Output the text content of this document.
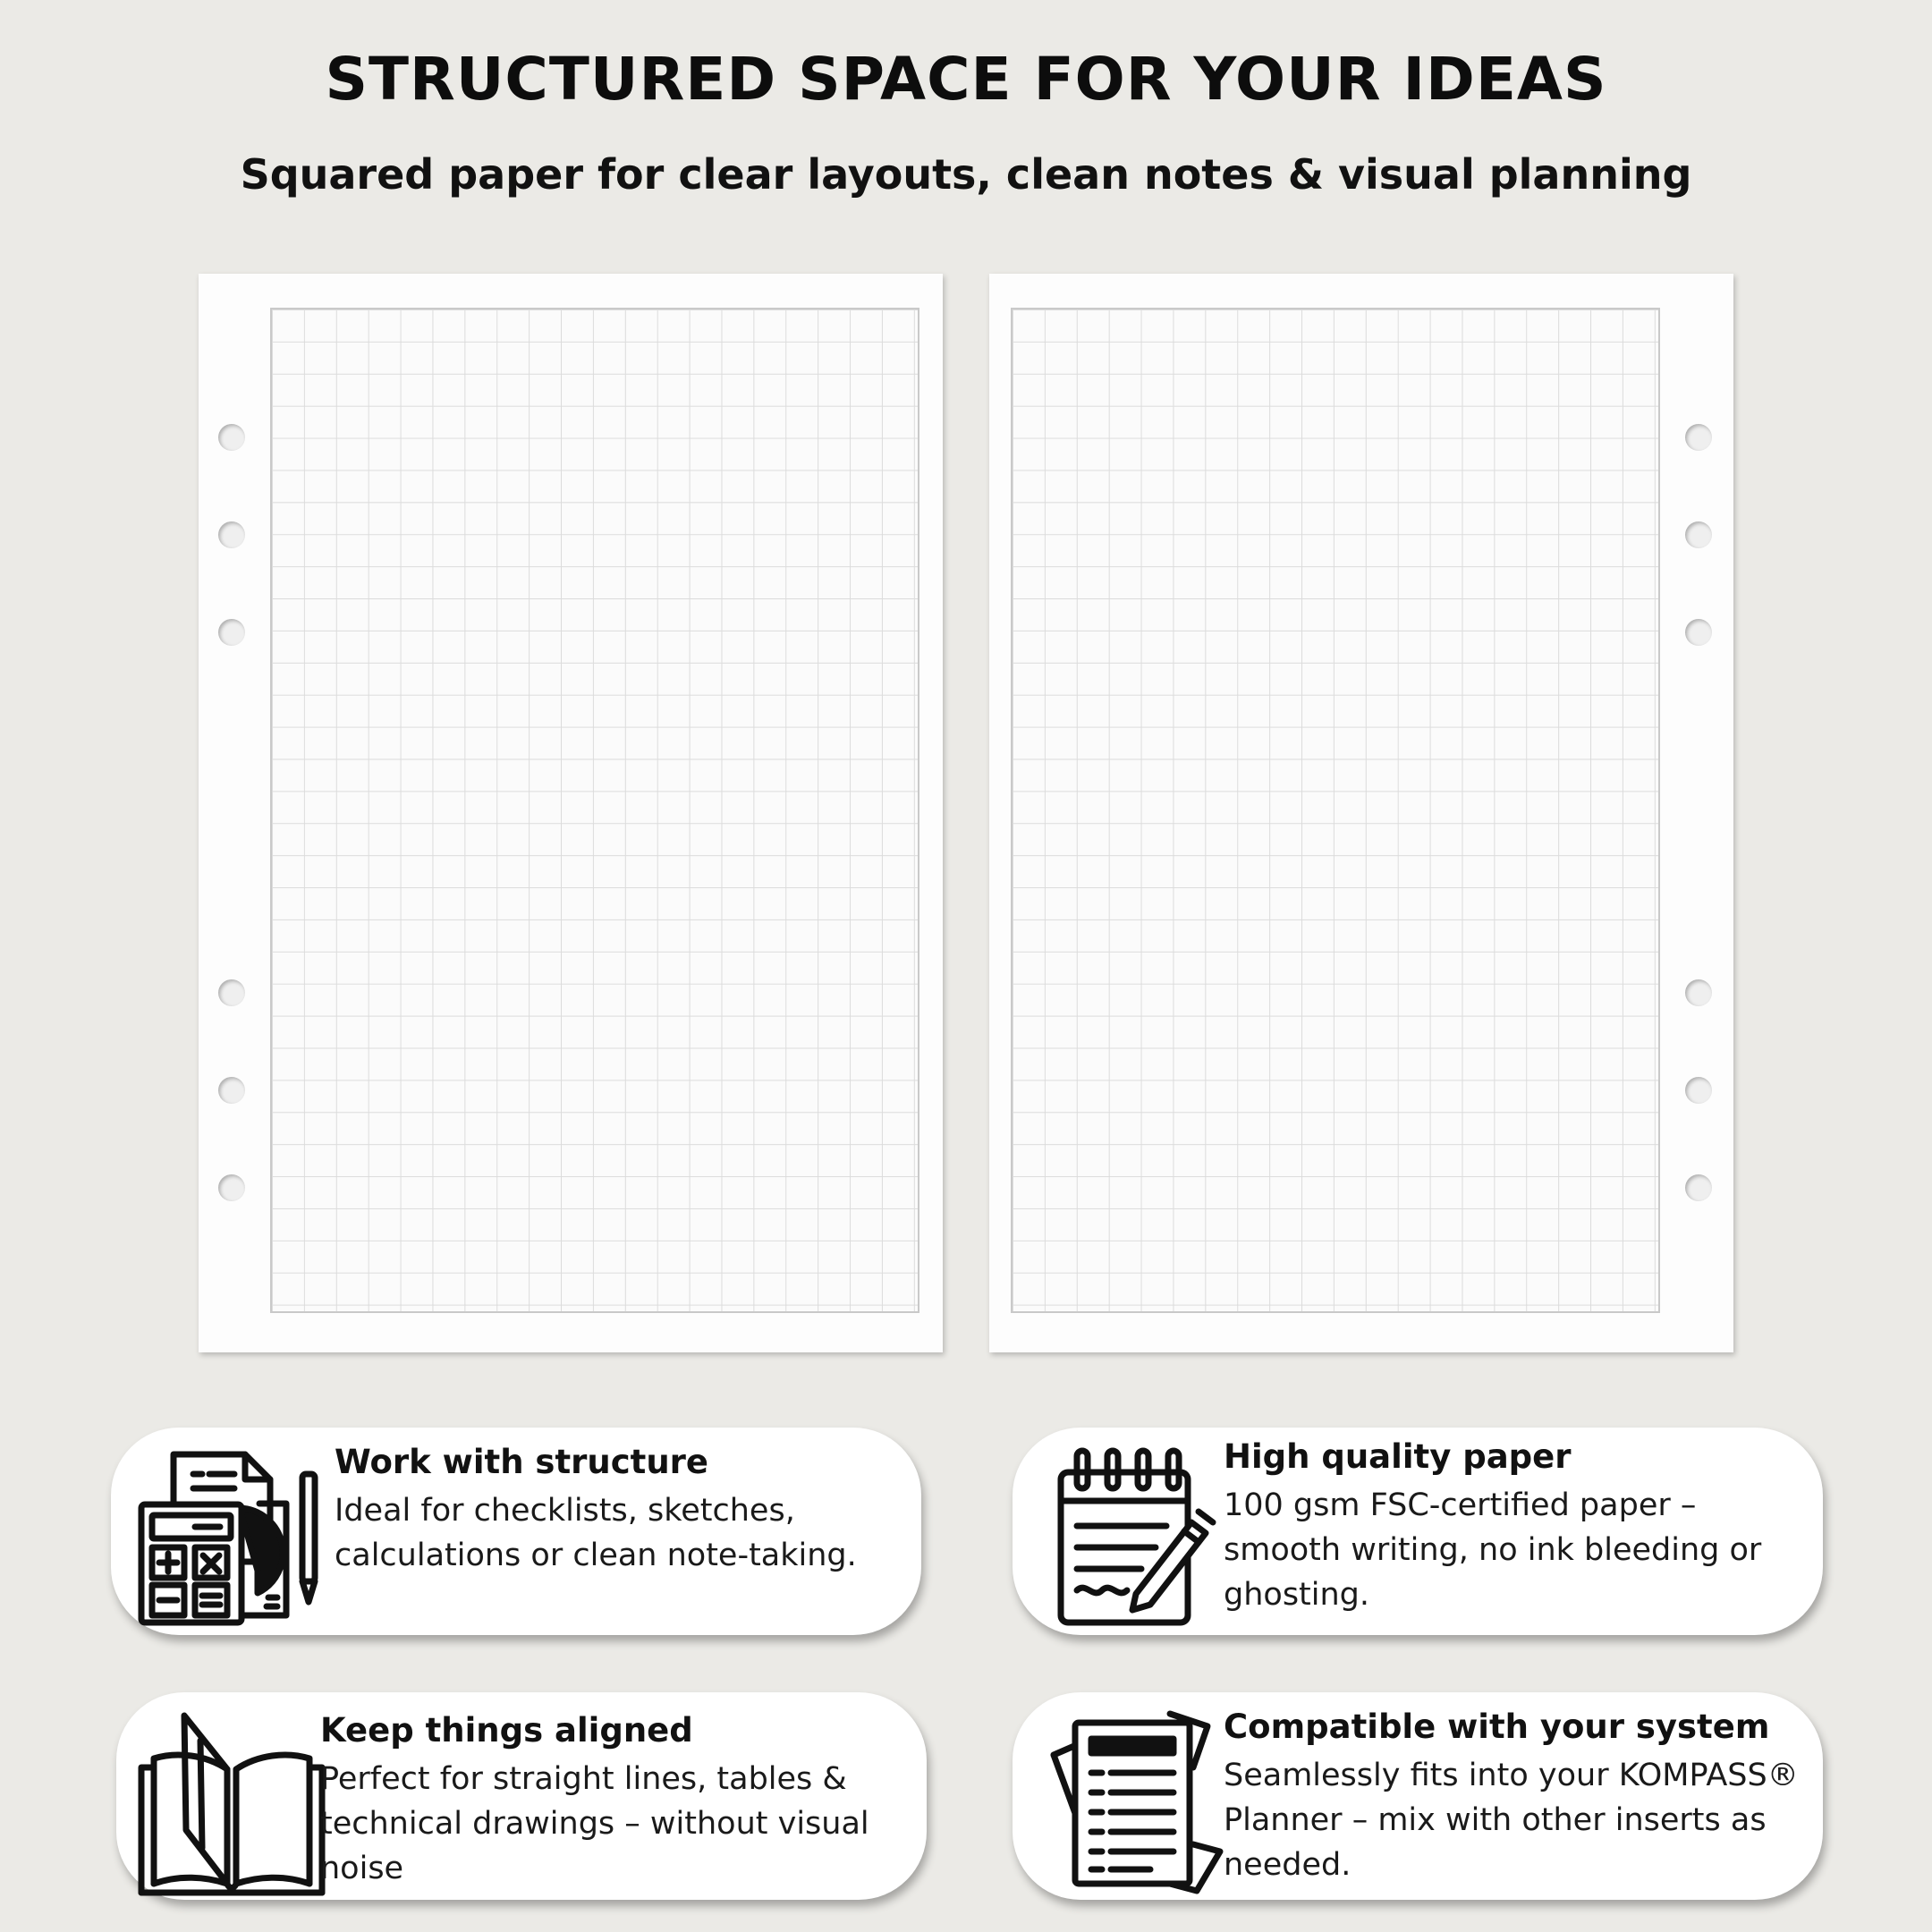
STRUCTURED SPACE FOR YOUR IDEAS
Squared paper for clear layouts, clean notes & visual planning
Work with structure
Ideal for checklists, sketches, calculations or clean note-taking.
High quality paper
100 gsm FSC-certified paper – smooth writing, no ink bleeding or ghosting.
Keep things aligned
Perfect for straight lines, tables & technical drawings – without visual noise
Compatible with your system
Seamlessly fits into your KOMPASS® Planner – mix with other inserts as needed.
